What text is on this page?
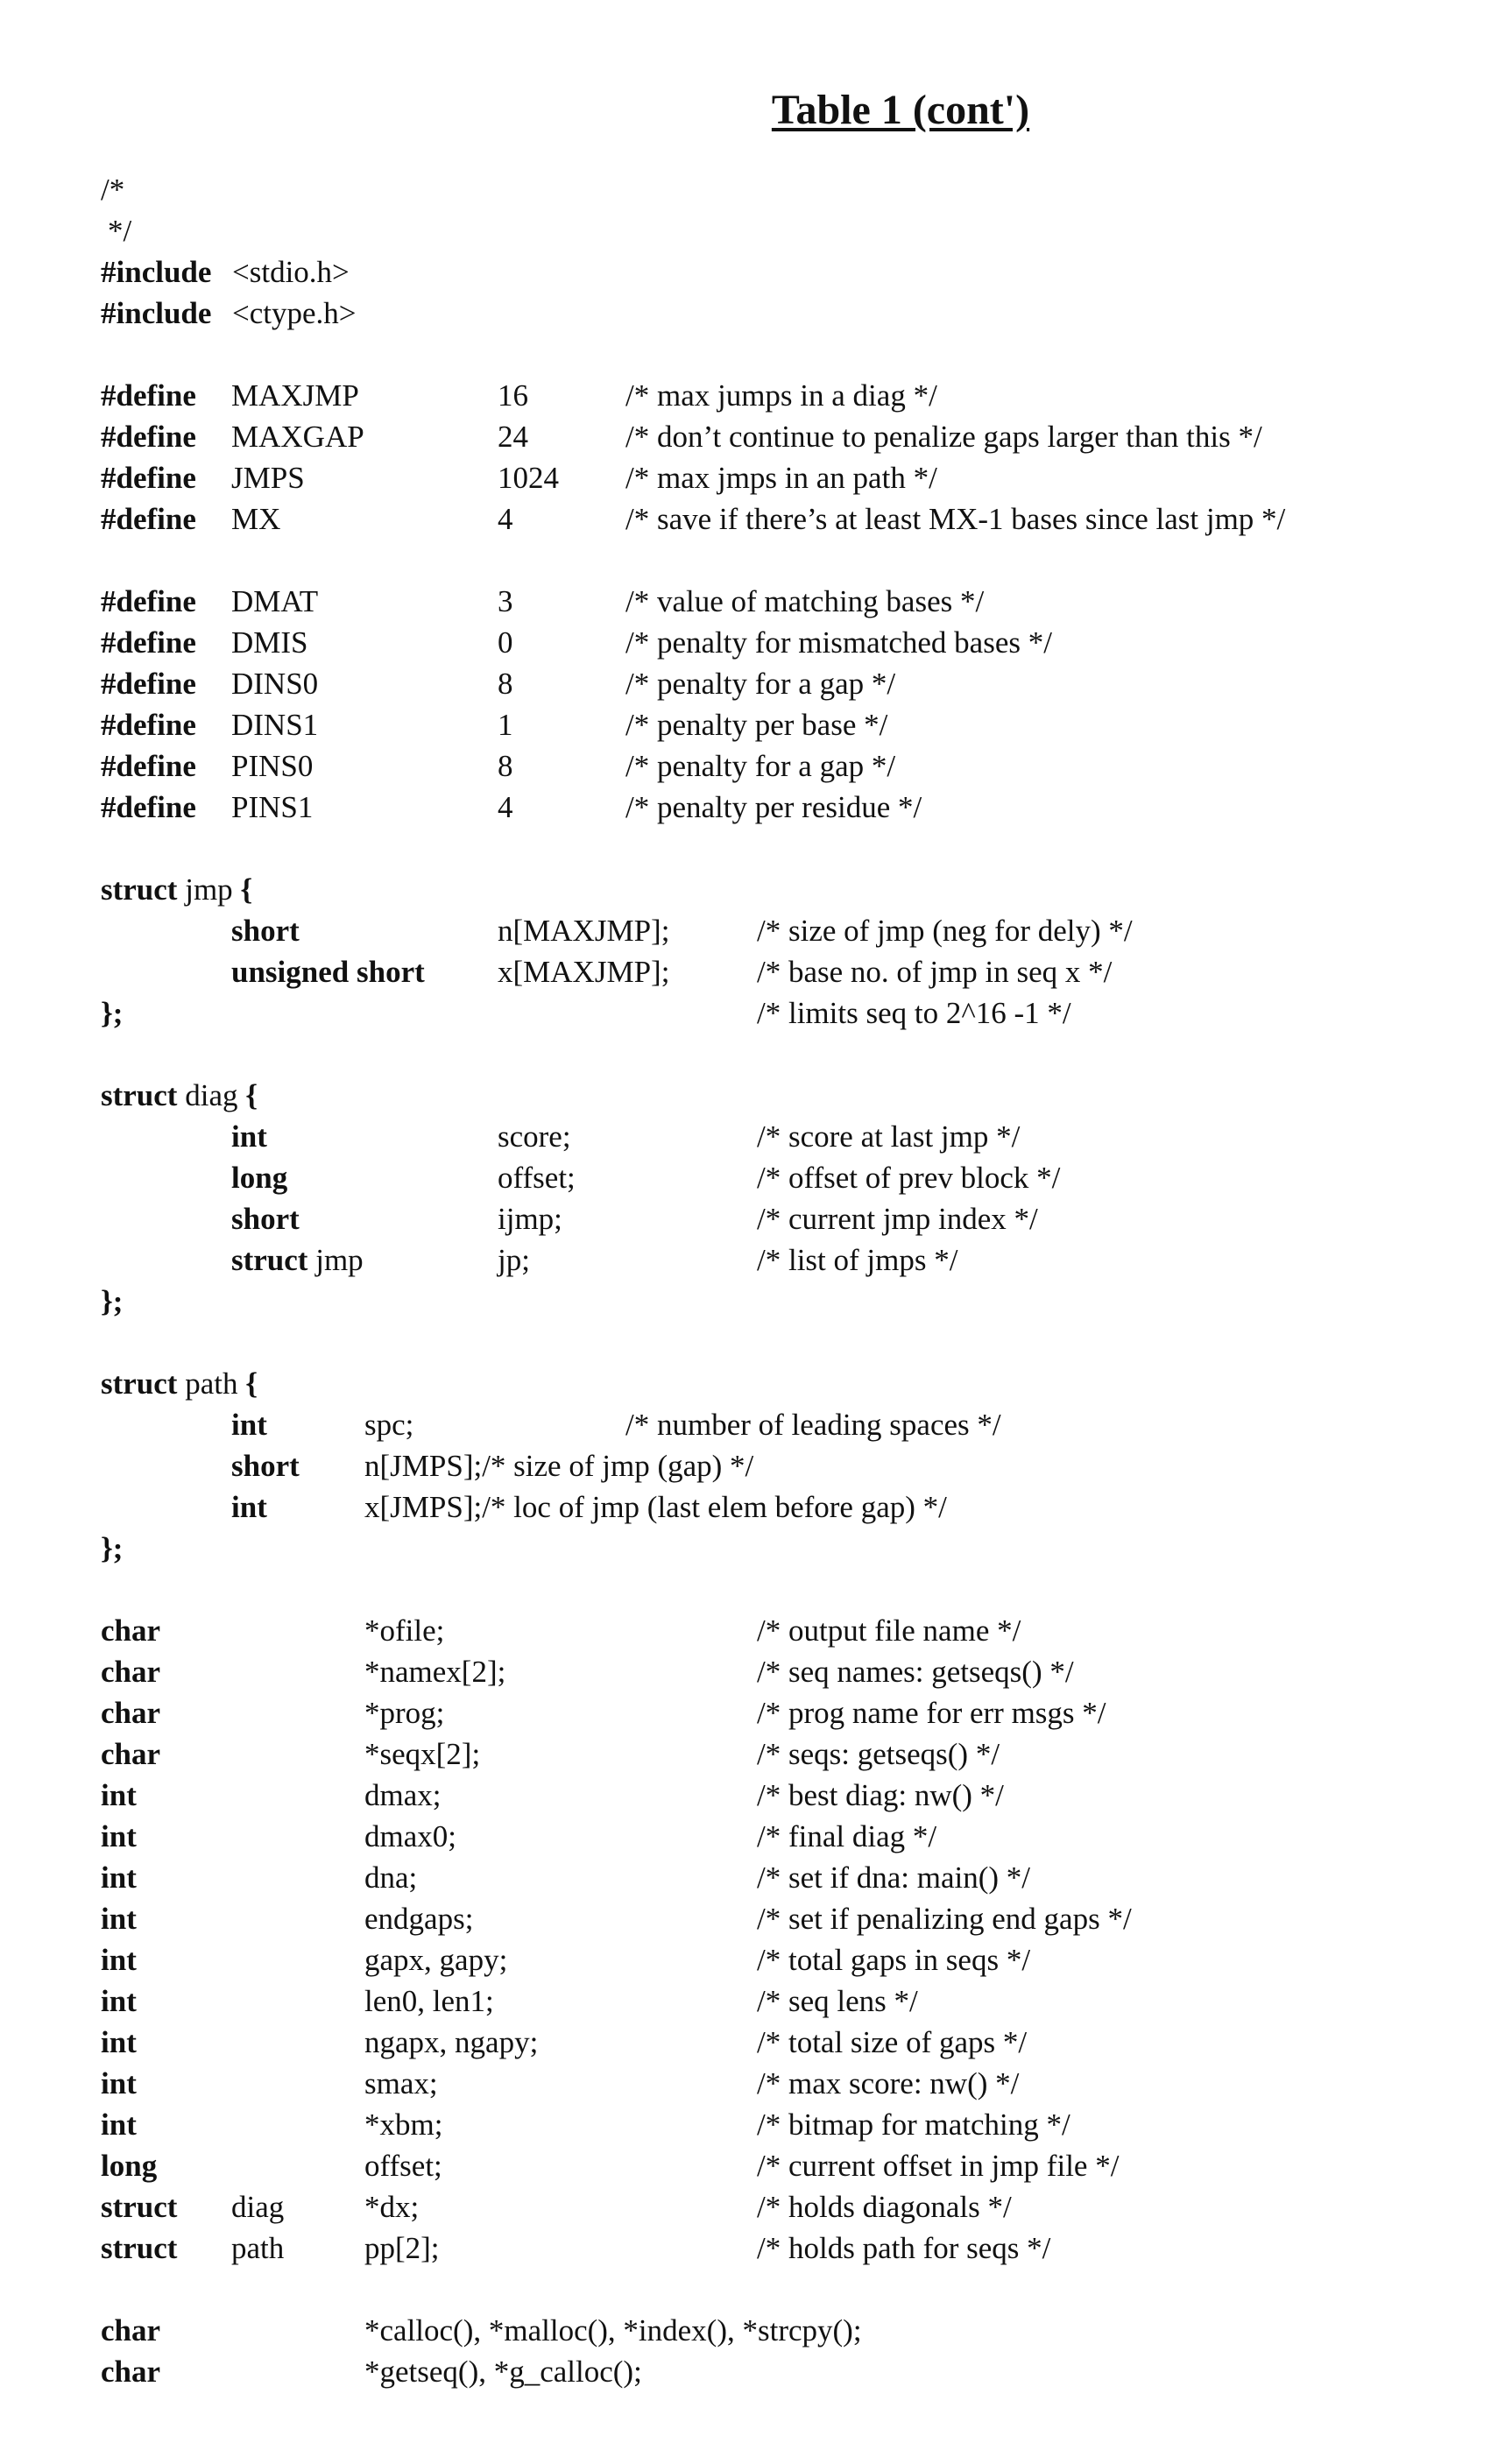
Table 1 (cont')
/*
*/
#include <stdio.h>
#include <ctype.h>
#define MAXJMP	16	/* max jumps in a diag */
#define MAXGAP	24	/* don’t continue to penalize gaps larger than this */
#define JMPS	1024 /* max jmps in an path */
#define MX	4	/* save if there’s at least MX-1 bases since last jmp */
#define DMAT	3	/* value of matching bases */
#define DMIS	0	/* penalty for mismatched bases */
#define DINS0	8	/* penalty for a gap */
#define DINS1	1	/* penalty per base */
#define PINS0	8	/* penalty for a gap */
#define PINS1	4	/* penalty per residue */
struct jmp {
short	n[MAXJMP];	/* size of jmp (neg for dely) */
unsigned short x[MAXJMP];	/* base no. of jmp in seq x */
};	/* limits seq to 2^16 -1 */
struct diag {
int	score;	/* score at last jmp */
long	offset;	/* offset of prev block */
short	ijmp;	/* current jmp index */
struct jmp	jp;	/* list of jmps */
};
struct path {
int	spc;	/* number of leading spaces */
short n[JMPS];/* size of jmp (gap) */
int	x[JMPS];/* loc of jmp (last elem before gap) */
};
char	*ofile;	/* output file name */
char	*namex[2];	/* seq names: getseqs() */
char	*prog;	/* prog name for err msgs */
char	*seqx[2];	/* seqs: getseqs() */
int	dmax;	/* best diag: nw() */
int	dmax0;	/* final diag */
int	dna;	/* set if dna: main() */
int	endgaps;	/* set if penalizing end gaps */
int	gapx, gapy;	/* total gaps in seqs */
int	len0, len1;	/* seq lens */
int	ngapx, ngapy;	/* total size of gaps */
int	smax;	/* max score: nw() */
int	*xbm;	/* bitmap for matching */
long	offset;	/* current offset in jmp file */
struct diag	*dx;	/* holds diagonals */
struct path	pp[2];	/* holds path for seqs */
char	*calloc(), *malloc(), *index(), *strcpy();
char	*getseq(), *g_calloc();
